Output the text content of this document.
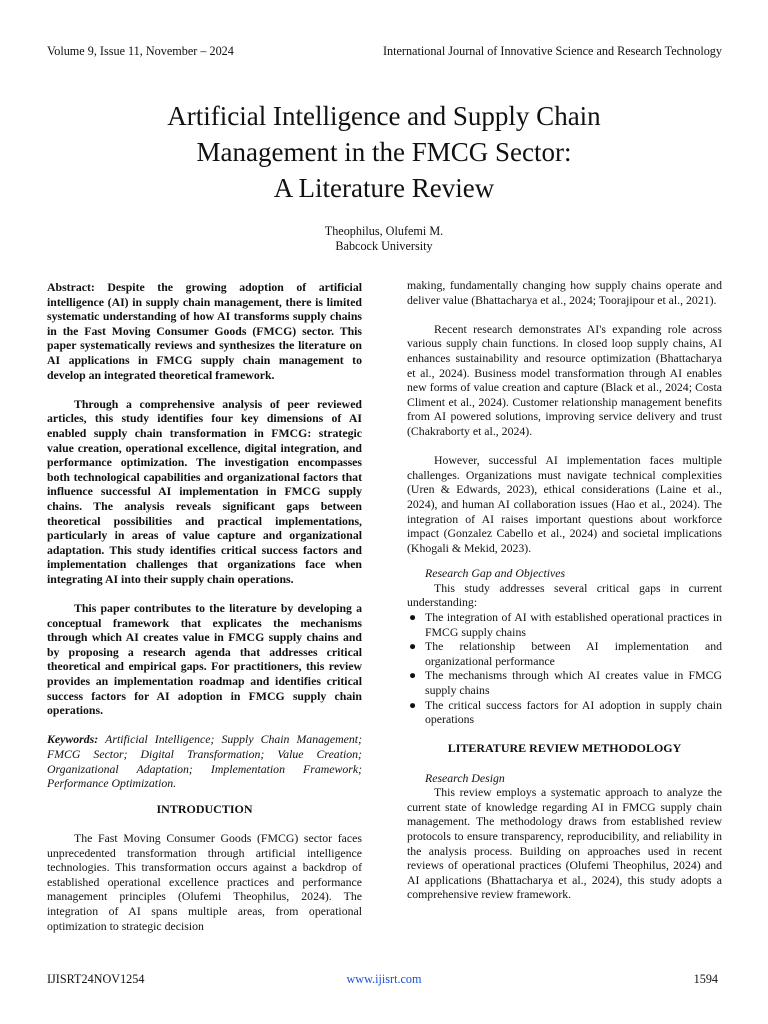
Volume 9, Issue 11, November – 2024	International Journal of Innovative Science and Research Technology
Artificial Intelligence and Supply Chain
Management in the FMCG Sector:
A Literature Review
Theophilus, Olufemi M.
Babcock University

Abstract: Despite the growing adoption of artificial intelligence (AI) in supply chain management, there is limited systematic understanding of how AI transforms supply chains in the Fast Moving Consumer Goods (FMCG) sector. This paper systematically reviews and synthesizes the literature on AI applications in FMCG supply chain management to develop an integrated theoretical framework.

Through a comprehensive analysis of peer reviewed articles, this study identifies four key dimensions of AI enabled supply chain transformation in FMCG: strategic value creation, operational excellence, digital integration, and performance optimization. The investigation encompasses both technological capabilities and organizational factors that influence successful AI implementation in FMCG supply chains. The analysis reveals significant gaps between theoretical possibilities and practical implementations, particularly in areas of value capture and organizational adaptation. This study identifies critical success factors and implementation challenges that organizations face when integrating AI into their supply chain operations.

This paper contributes to the literature by developing a conceptual framework that explicates the mechanisms through which AI creates value in FMCG supply chains and by proposing a research agenda that addresses critical theoretical and empirical gaps. For practitioners, this review provides an implementation roadmap and identifies critical success factors for AI adoption in FMCG supply chain operations.

Keywords: Artificial Intelligence; Supply Chain Management; FMCG Sector; Digital Transformation; Value Creation; Organizational Adaptation; Implementation Framework; Performance Optimization.

INTRODUCTION

The Fast Moving Consumer Goods (FMCG) sector faces unprecedented transformation through artificial intelligence technologies. This transformation occurs against a backdrop of established operational excellence practices and performance management principles (Olufemi Theophilus, 2024). The integration of AI spans multiple areas, from operational optimization to strategic decision

making, fundamentally changing how supply chains operate and deliver value (Bhattacharya et al., 2024; Toorajipour et al., 2021).

Recent research demonstrates AI's expanding role across various supply chain functions. In closed loop supply chains, AI enhances sustainability and resource optimization (Bhattacharya et al., 2024). Business model transformation through AI enables new forms of value creation and capture (Black et al., 2024; Costa Climent et al., 2024). Customer relationship management benefits from AI powered solutions, improving service delivery and trust (Chakraborty et al., 2024).

However, successful AI implementation faces multiple challenges. Organizations must navigate technical complexities (Uren & Edwards, 2023), ethical considerations (Laine et al., 2024), and human AI collaboration issues (Hao et al., 2024). The integration of AI raises important questions about workforce impact (Gonzalez Cabello et al., 2024) and societal implications (Khogali & Mekid, 2023).

Research Gap and Objectives

This study addresses several critical gaps in current understanding:

● The integration of AI with established operational practices in FMCG supply chains
● The relationship between AI implementation and organizational performance
● The mechanisms through which AI creates value in FMCG supply chains
● The critical success factors for AI adoption in supply chain operations

LITERATURE REVIEW METHODOLOGY

Research Design

This review employs a systematic approach to analyze the current state of knowledge regarding AI in FMCG supply chain management. The methodology draws from established review protocols to ensure transparency, reproducibility, and reliability in the analysis process. Building on approaches used in recent reviews of operational practices (Olufemi Theophilus, 2024) and AI applications (Bhattacharya et al., 2024), this study adopts a comprehensive review framework.

IJISRT24NOV1254	www.ijisrt.com	1594
